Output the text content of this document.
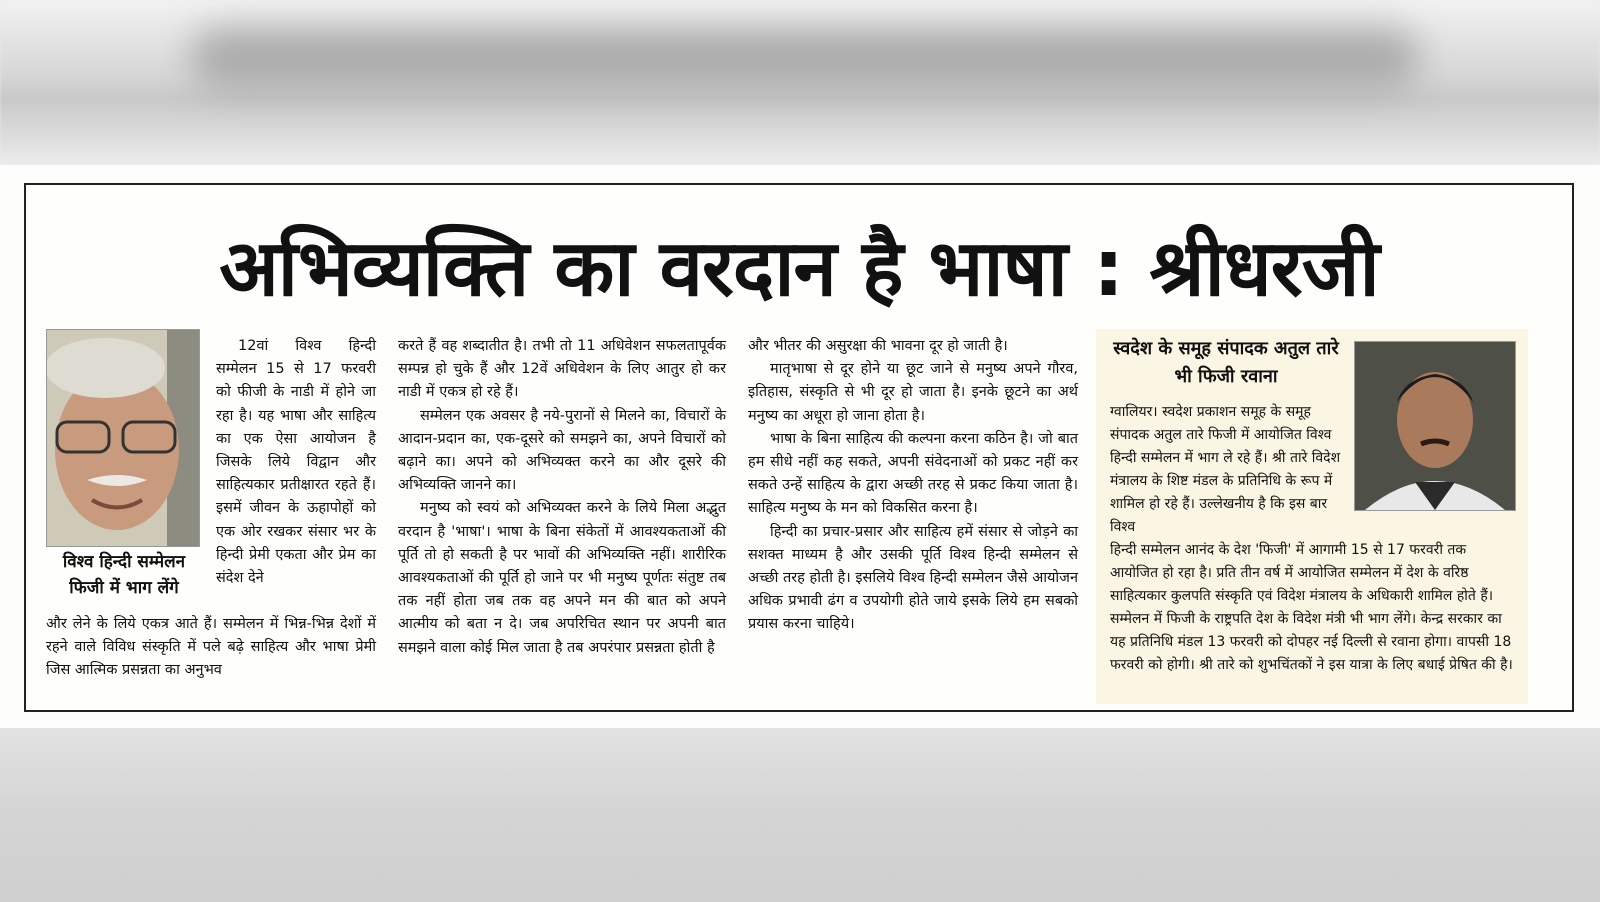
अभिव्यक्ति का वरदान है भाषा : श्रीधरजी
विश्व हिन्दी सम्मेलन फिजी में भाग लेंगे

12वां विश्व हिन्दी सम्मेलन 15 से 17 फरवरी को फीजी के नाडी में होने जा रहा है। यह भाषा और साहित्य का एक ऐसा आयोजन है जिसके लिये विद्वान और साहित्यकार प्रतीक्षारत रहते हैं। इसमें जीवन के ऊहापोहों को एक ओर रखकर संसार भर के हिन्दी प्रेमी एकता और प्रेम का संदेश देने

और लेने के लिये एकत्र आते हैं। सम्मेलन में भिन्न-भिन्न देशों में रहने वाले विविध संस्कृति में पले बढ़े साहित्य और भाषा प्रेमी जिस आत्मिक प्रसन्नता का अनुभव

करते हैं वह शब्दातीत है। तभी तो 11 अधिवेशन सफलतापूर्वक सम्पन्न हो चुके हैं और 12वें अधिवेशन के लिए आतुर हो कर नाडी में एकत्र हो रहे हैं।

सम्मेलन एक अवसर है नये-पुरानों से मिलने का, विचारों के आदान-प्रदान का, एक-दूसरे को समझने का, अपने विचारों को बढ़ाने का। अपने को अभिव्यक्त करने का और दूसरे की अभिव्यक्ति जानने का।

मनुष्य को स्वयं को अभिव्यक्त करने के लिये मिला अद्भुत वरदान है 'भाषा'। भाषा के बिना संकेतों में आवश्यकताओं की पूर्ति तो हो सकती है पर भावों की अभिव्यक्ति नहीं। शारीरिक आवश्यकताओं की पूर्ति हो जाने पर भी मनुष्य पूर्णतः संतुष्ट तब तक नहीं होता जब तक वह अपने मन की बात को अपने आत्मीय को बता न दे। जब अपरिचित स्थान पर अपनी बात समझने वाला कोई मिल जाता है तब अपरंपार प्रसन्नता होती है

और भीतर की असुरक्षा की भावना दूर हो जाती है।

मातृभाषा से दूर होने या छूट जाने से मनुष्य अपने गौरव, इतिहास, संस्कृति से भी दूर हो जाता है। इनके छूटने का अर्थ मनुष्य का अधूरा हो जाना होता है।

भाषा के बिना साहित्य की कल्पना करना कठिन है। जो बात हम सीधे नहीं कह सकते, अपनी संवेदनाओं को प्रकट नहीं कर सकते उन्हें साहित्य के द्वारा अच्छी तरह से प्रकट किया जाता है। साहित्य मनुष्य के मन को विकसित करना है।

हिन्दी का प्रचार-प्रसार और साहित्य हमें संसार से जोड़ने का सशक्त माध्यम है और उसकी पूर्ति विश्व हिन्दी सम्मेलन से अच्छी तरह होती है। इसलिये विश्व हिन्दी सम्मेलन जैसे आयोजन अधिक प्रभावी ढंग व उपयोगी होते जाये इसके लिये हम सबको प्रयास करना चाहिये।

स्वदेश के समूह संपादक अतुल तारे भी फिजी रवाना
ग्वालियर। स्वदेश प्रकाशन समूह के समूह संपादक अतुल तारे फिजी में आयोजित विश्व हिन्दी सम्मेलन में भाग ले रहे हैं। श्री तारे विदेश मंत्रालय के शिष्ट मंडल के प्रतिनिधि के रूप में शामिल हो रहे हैं। उल्लेखनीय है कि इस बार विश्व
हिन्दी सम्मेलन आनंद के देश 'फिजी' में आगामी 15 से 17 फरवरी तक आयोजित हो रहा है। प्रति तीन वर्ष में आयोजित सम्मेलन में देश के वरिष्ठ साहित्यकार कुलपति संस्कृति एवं विदेश मंत्रालय के अधिकारी शामिल होते हैं। सम्मेलन में फिजी के राष्ट्रपति देश के विदेश मंत्री भी भाग लेंगे। केन्द्र सरकार का यह प्रतिनिधि मंडल 13 फरवरी को दोपहर नई दिल्ली से रवाना होगा। वापसी 18 फरवरी को होगी। श्री तारे को शुभचिंतकों ने इस यात्रा के लिए बधाई प्रेषित की है।
